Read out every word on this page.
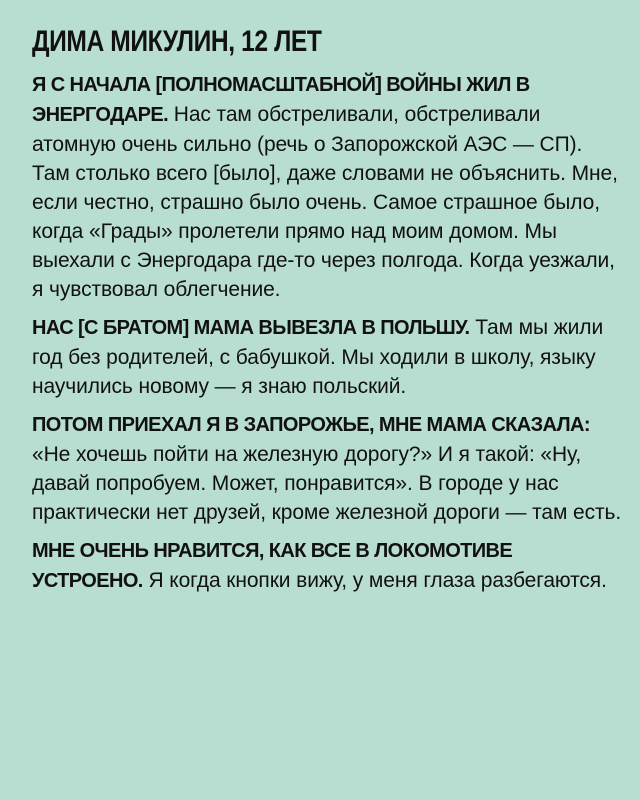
ДИМА МИКУЛИН, 12 ЛЕТ

Я С НАЧАЛА [ПОЛНОМАСШТАБНОЙ] ВОЙНЫ ЖИЛ В ЭНЕРГОДАРЕ. Нас там обстреливали, обстреливали атомную очень сильно (речь о Запорожской АЭС — СП). Там столько всего [было], даже словами не объяснить. Мне, если честно, страшно было очень. Самое страшное было, когда «Грады» пролетели прямо над моим домом. Мы выехали с Энергодара где-то через полгода. Когда уезжали, я чувствовал облегчение.

НАС [С БРАТОМ] МАМА ВЫВЕЗЛА В ПОЛЬШУ. Там мы жили год без родителей, с бабушкой. Мы ходили в школу, языку научились новому — я знаю польский.

ПОТОМ ПРИЕХАЛ Я В ЗАПОРОЖЬЕ, МНЕ МАМА СКАЗАЛА: «Не хочешь пойти на железную дорогу?» И я такой: «Ну, давай попробуем. Может, понравится». В городе у нас практически нет друзей, кроме железной дороги — там есть.

МНЕ ОЧЕНЬ НРАВИТСЯ, КАК ВСЕ В ЛОКОМОТИВЕ УСТРОЕНО. Я когда кнопки вижу, у меня глаза разбегаются.
